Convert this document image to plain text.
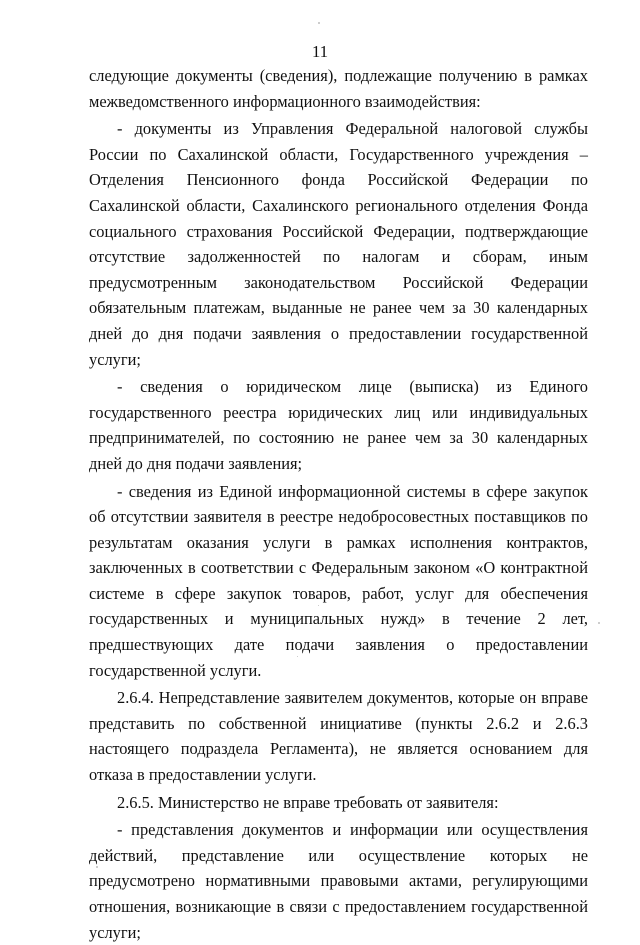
11

следующие документы (сведения), подлежащие получению в рамках межведомственного информационного взаимодействия:

- документы из Управления Федеральной налоговой службы России по Сахалинской области, Государственного учреждения – Отделения Пенсионного фонда Российской Федерации по Сахалинской области, Сахалинского регионального отделения Фонда социального страхования Российской Федерации, подтверждающие отсутствие задолженностей по налогам и сборам, иным предусмотренным законодательством Российской Федерации обязательным платежам, выданные не ранее чем за 30 календарных дней до дня подачи заявления о предоставлении государственной услуги;

- сведения о юридическом лице (выписка) из Единого государственного реестра юридических лиц или индивидуальных предпринимателей, по состоянию не ранее чем за 30 календарных дней до дня подачи заявления;

- сведения из Единой информационной системы в сфере закупок об отсутствии заявителя в реестре недобросовестных поставщиков по результатам оказания услуги в рамках исполнения контрактов, заключенных в соответствии с Федеральным законом «О контрактной системе в сфере закупок товаров, работ, услуг для обеспечения государственных и муниципальных нужд» в течение 2 лет, предшествующих дате подачи заявления о предоставлении государственной услуги.

2.6.4. Непредставление заявителем документов, которые он вправе представить по собственной инициативе (пункты 2.6.2 и 2.6.3 настоящего подраздела Регламента), не является основанием для отказа в предоставлении услуги.

2.6.5. Министерство не вправе требовать от заявителя:

- представления документов и информации или осуществления действий, представление или осуществление которых не предусмотрено нормативными правовыми актами, регулирующими отношения, возникающие в связи с предоставлением государственной услуги;
